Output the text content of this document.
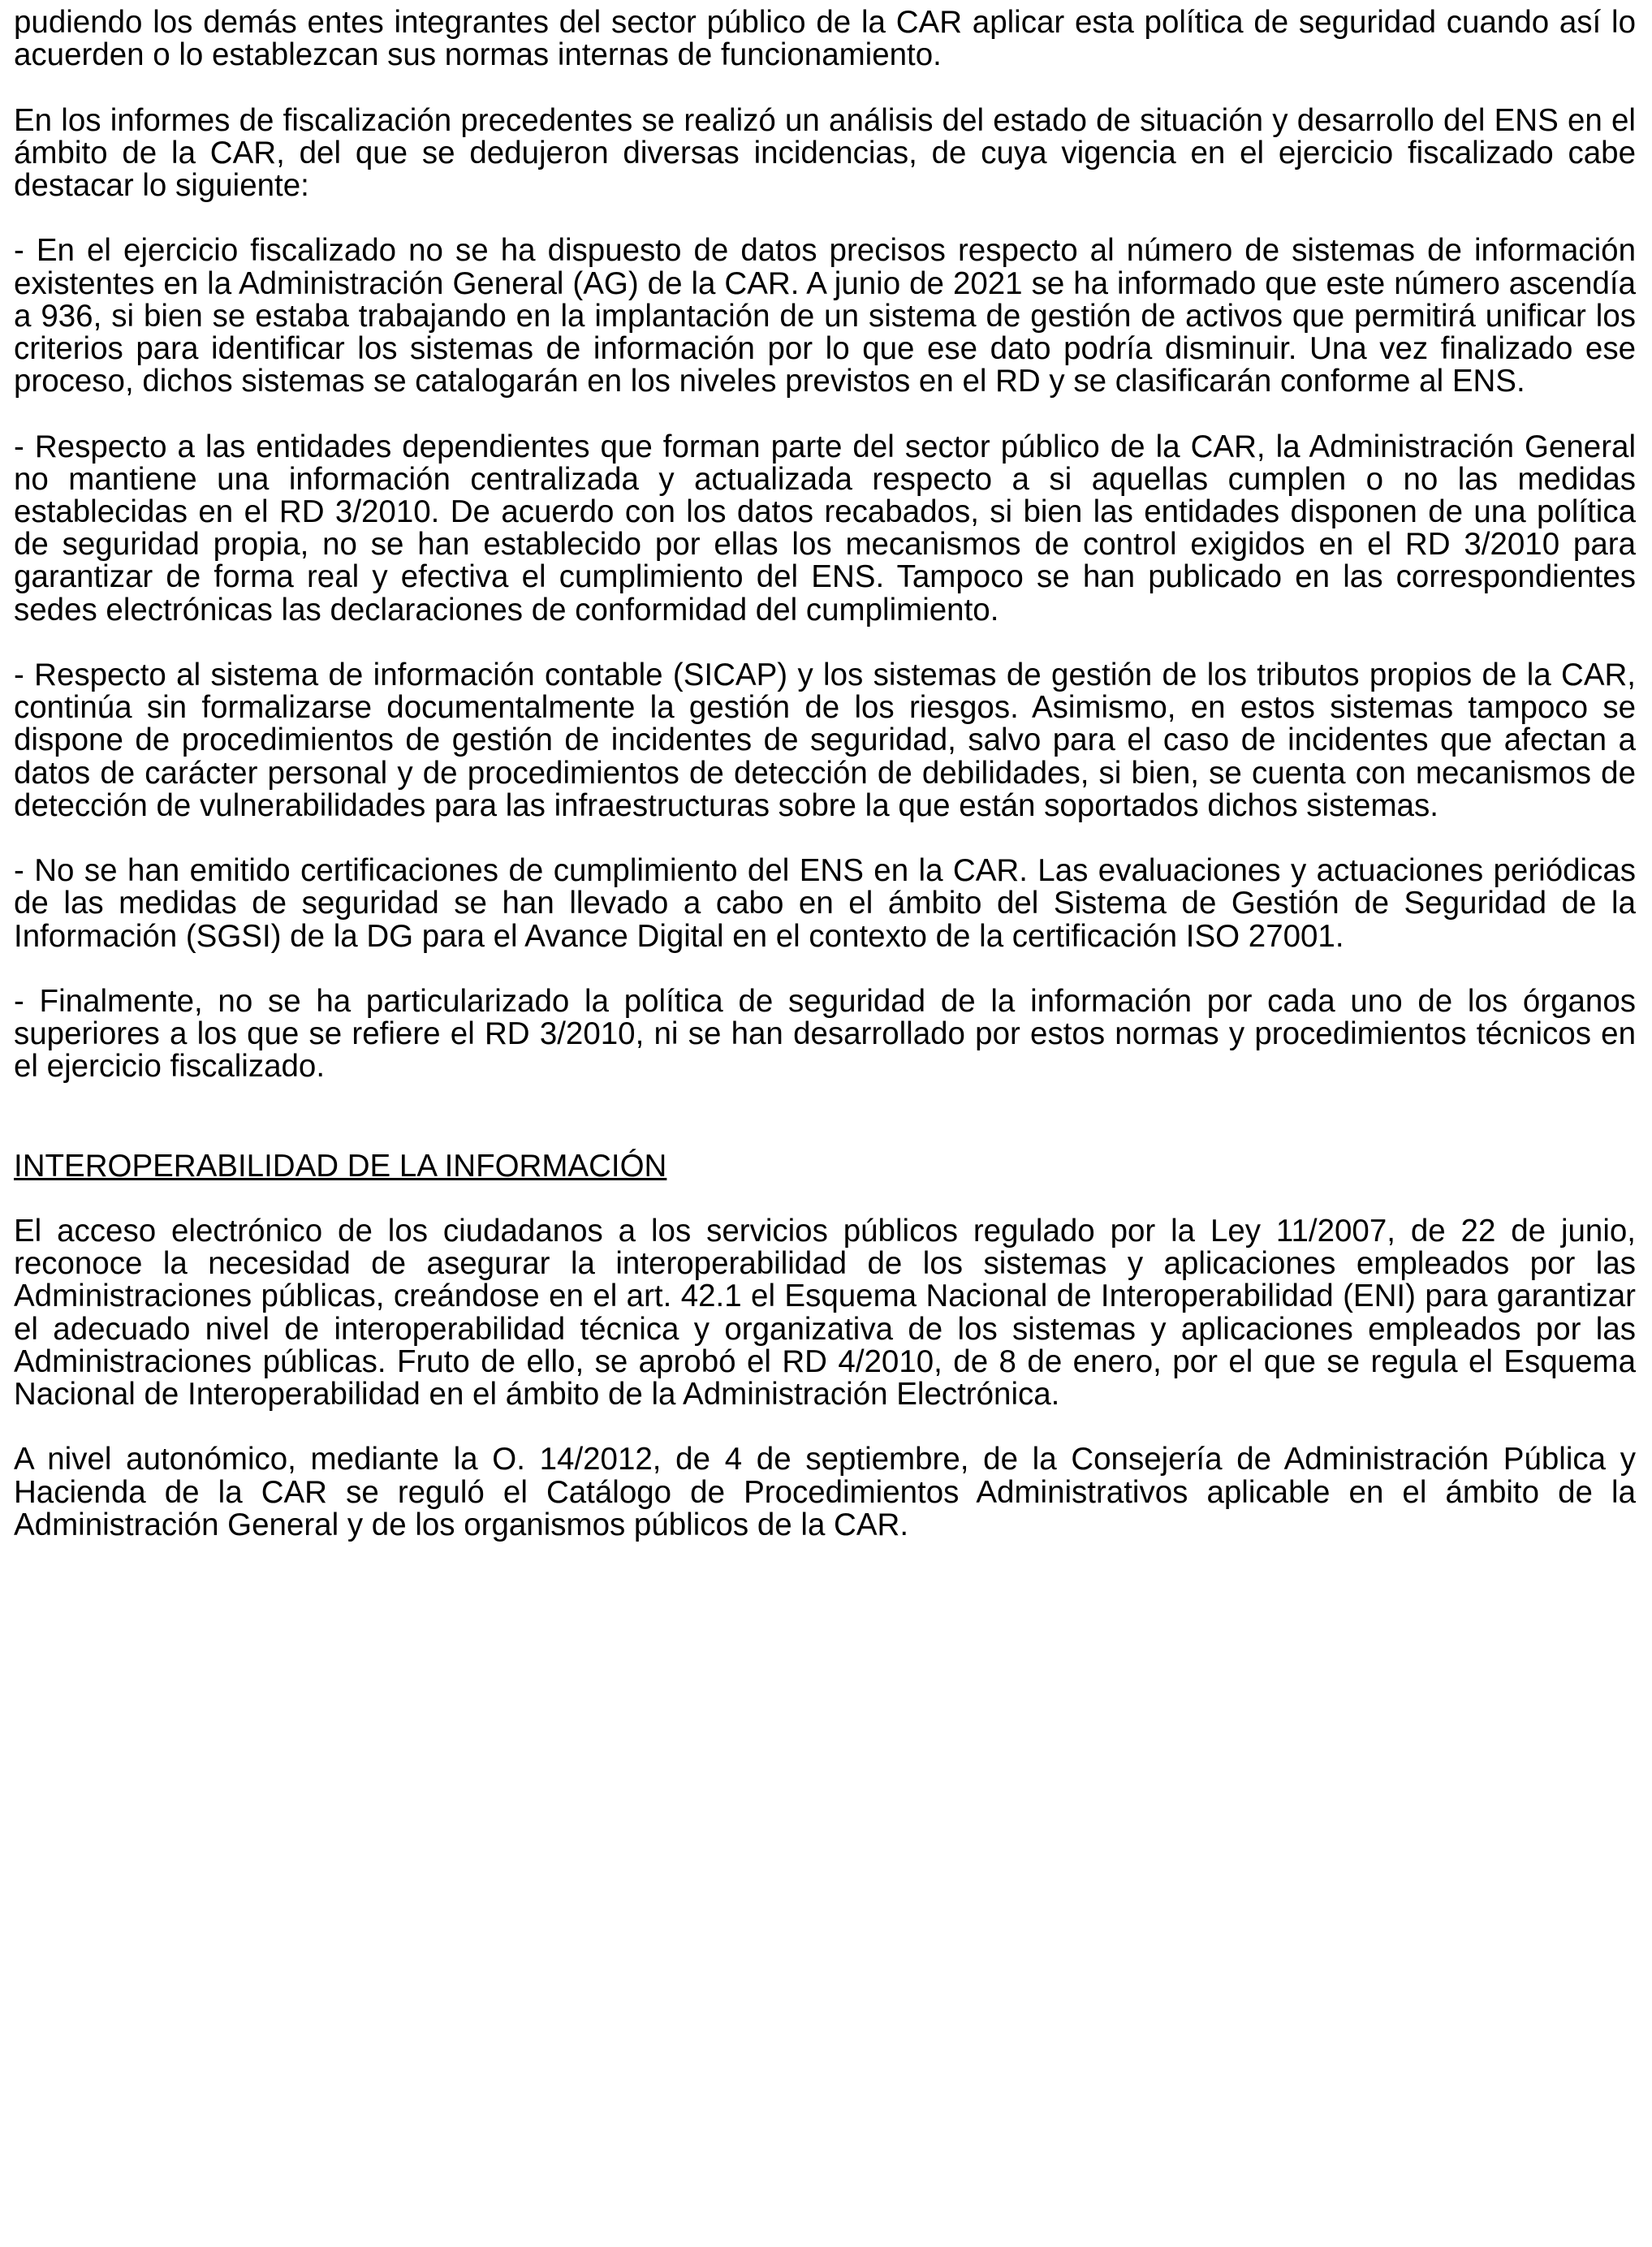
pudiendo los demás entes integrantes del sector público de la CAR aplicar esta política de seguridad cuando así lo acuerden o lo establezcan sus normas internas de funcionamiento.

En los informes de fiscalización precedentes se realizó un análisis del estado de situación y desarrollo del ENS en el ámbito de la CAR, del que se dedujeron diversas incidencias, de cuya vigencia en el ejercicio fiscalizado cabe destacar lo siguiente:

- En el ejercicio fiscalizado no se ha dispuesto de datos precisos respecto al número de sistemas de información existentes en la Administración General (AG) de la CAR. A junio de 2021 se ha informado que este número ascendía a 936, si bien se estaba trabajando en la implantación de un sistema de gestión de activos que permitirá unificar los criterios para identificar los sistemas de información por lo que ese dato podría disminuir. Una vez finalizado ese proceso, dichos sistemas se catalogarán en los niveles previstos en el RD y se clasificarán conforme al ENS.

- Respecto a las entidades dependientes que forman parte del sector público de la CAR, la Administración General no mantiene una información centralizada y actualizada respecto a si aquellas cumplen o no las medidas establecidas en el RD 3/2010. De acuerdo con los datos recabados, si bien las entidades disponen de una política de seguridad propia, no se han establecido por ellas los mecanismos de control exigidos en el RD 3/2010 para garantizar de forma real y efectiva el cumplimiento del ENS. Tampoco se han publicado en las correspondientes sedes electrónicas las declaraciones de conformidad del cumplimiento.

- Respecto al sistema de información contable (SICAP) y los sistemas de gestión de los tributos propios de la CAR, continúa sin formalizarse documentalmente la gestión de los riesgos. Asimismo, en estos sistemas tampoco se dispone de procedimientos de gestión de incidentes de seguridad, salvo para el caso de incidentes que afectan a datos de carácter personal y de procedimientos de detección de debilidades, si bien, se cuenta con mecanismos de detección de vulnerabilidades para las infraestructuras sobre la que están soportados dichos sistemas.

- No se han emitido certificaciones de cumplimiento del ENS en la CAR. Las evaluaciones y actuaciones periódicas de las medidas de seguridad se han llevado a cabo en el ámbito del Sistema de Gestión de Seguridad de la Información (SGSI) de la DG para el Avance Digital en el contexto de la certificación ISO 27001.

- Finalmente, no se ha particularizado la política de seguridad de la información por cada uno de los órganos superiores a los que se refiere el RD 3/2010, ni se han desarrollado por estos normas y procedimientos técnicos en el ejercicio fiscalizado.

INTEROPERABILIDAD DE LA INFORMACIÓN

El acceso electrónico de los ciudadanos a los servicios públicos regulado por la Ley 11/2007, de 22 de junio, reconoce la necesidad de asegurar la interoperabilidad de los sistemas y aplicaciones empleados por las Administraciones públicas, creándose en el art. 42.1 el Esquema Nacional de Interoperabilidad (ENI) para garantizar el adecuado nivel de interoperabilidad técnica y organizativa de los sistemas y aplicaciones empleados por las Administraciones públicas. Fruto de ello, se aprobó el RD 4/2010, de 8 de enero, por el que se regula el Esquema Nacional de Interoperabilidad en el ámbito de la Administración Electrónica.

A nivel autonómico, mediante la O. 14/2012, de 4 de septiembre, de la Consejería de Administración Pública y Hacienda de la CAR se reguló el Catálogo de Procedimientos Administrativos aplicable en el ámbito de la Administración General y de los organismos públicos de la CAR.
